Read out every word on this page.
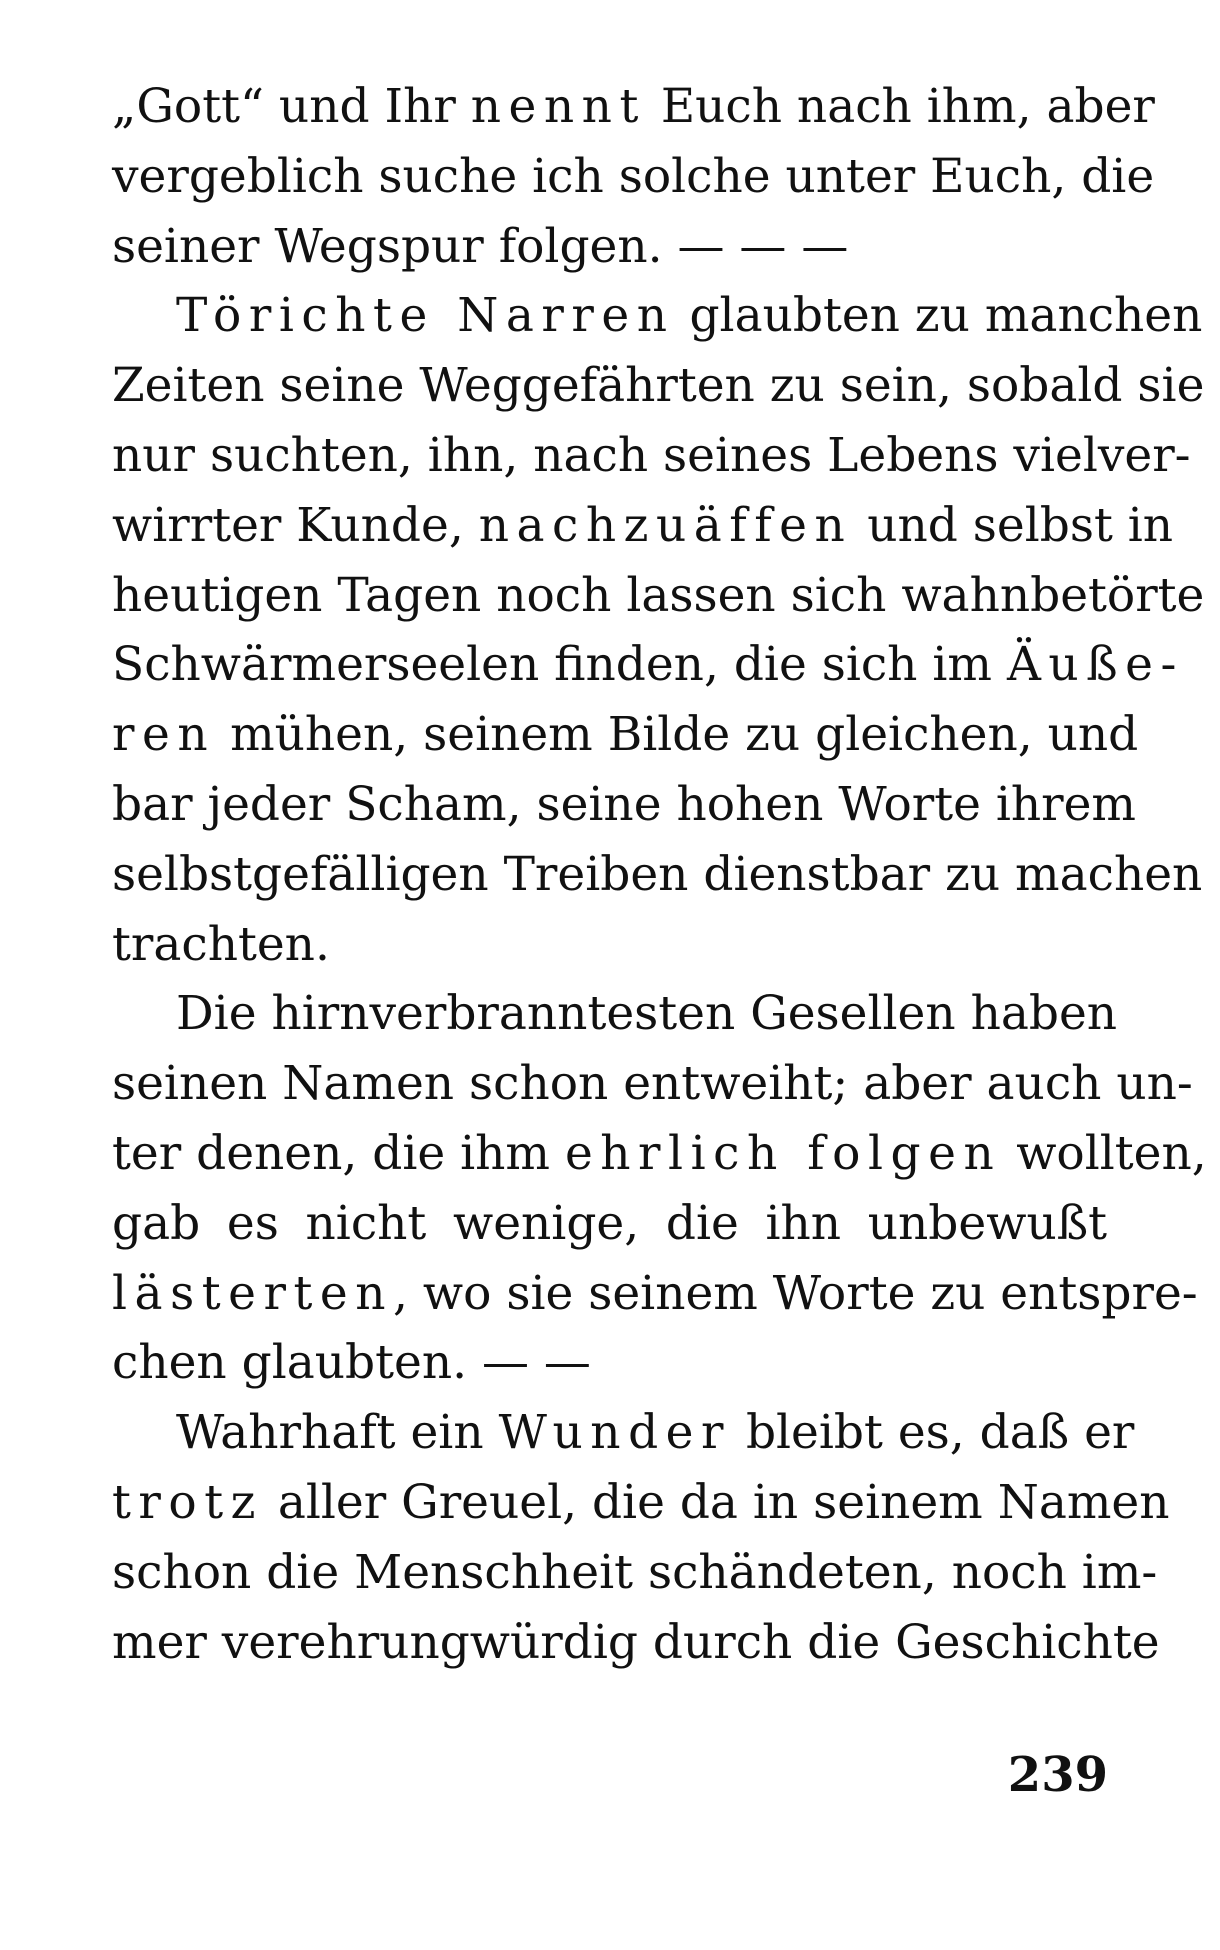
„Gott“ und Ihr nennt Euch nach ihm, aber
vergeblich suche ich solche unter Euch, die
seiner Wegspur folgen. — — —
Törichte Narren glaubten zu manchen
Zeiten seine Weggefährten zu sein, sobald sie
nur suchten, ihn, nach seines Lebens vielver-
wirrter Kunde, nachzuäffen und selbst in
heutigen Tagen noch lassen sich wahnbetörte
Schwärmerseelen finden, die sich im Äuße-
ren mühen, seinem Bilde zu gleichen, und
bar jeder Scham, seine hohen Worte ihrem
selbstgefälligen Treiben dienstbar zu machen
trachten.
Die hirnverbranntesten Gesellen haben
seinen Namen schon entweiht; aber auch un-
ter denen, die ihm ehrlich folgen wollten,
gab es nicht wenige, die ihn unbewußt
lästerten, wo sie seinem Worte zu entspre-
chen glaubten. — —
Wahrhaft ein Wunder bleibt es, daß er
trotz aller Greuel, die da in seinem Namen
schon die Menschheit schändeten, noch im-
mer verehrungwürdig durch die Geschichte
239
